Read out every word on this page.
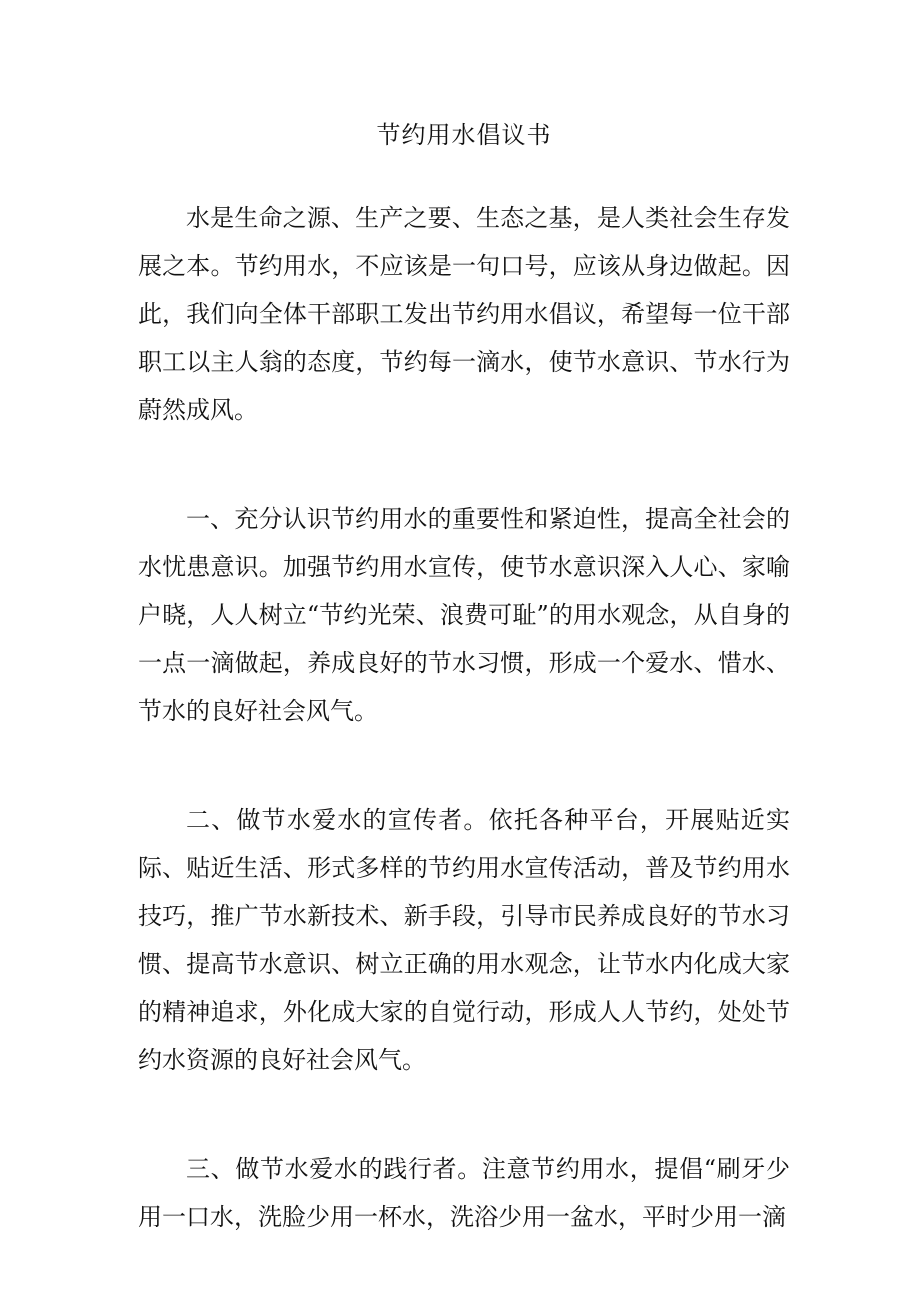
节约用水倡议书

水是生命之源、生产之要、生态之基，是人类社会生存发展之本。节约用水，不应该是一句口号，应该从身边做起。因此，我们向全体干部职工发出节约用水倡议，希望每一位干部职工以主人翁的态度，节约每一滴水，使节水意识、节水行为蔚然成风。

一、充分认识节约用水的重要性和紧迫性，提高全社会的水忧患意识。加强节约用水宣传，使节水意识深入人心、家喻户晓，人人树立“节约光荣、浪费可耻”的用水观念，从自身的一点一滴做起，养成良好的节水习惯，形成一个爱水、惜水、节水的良好社会风气。

二、做节水爱水的宣传者。依托各种平台，开展贴近实际、贴近生活、形式多样的节约用水宣传活动，普及节约用水技巧，推广节水新技术、新手段，引导市民养成良好的节水习惯、提高节水意识、树立正确的用水观念，让节水内化成大家的精神追求，外化成大家的自觉行动，形成人人节约，处处节约水资源的良好社会风气。

三、做节水爱水的践行者。注意节约用水，提倡“刷牙少用一口水，洗脸少用一杯水，洗浴少用一盆水，平时少用一滴
